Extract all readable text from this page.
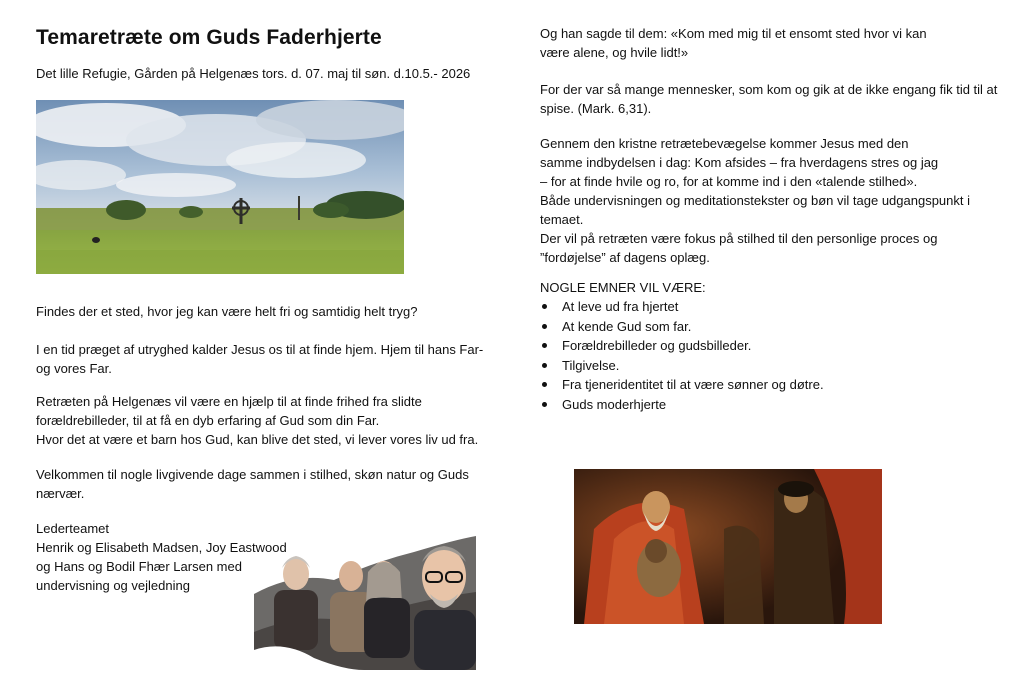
Temaretræte om Guds Faderhjerte
Det lille Refugie, Gården på Helgenæs tors. d. 07. maj til søn. d.10.5.- 2026
Findes der et sted, hvor jeg kan være helt fri og samtidig helt tryg?
I en tid præget af utryghed kalder Jesus os til at finde hjem. Hjem til hans Far-
og vores Far.
Retræten på Helgenæs vil være en hjælp til at finde frihed fra slidte
forældrebilleder, til at få en dyb erfaring af Gud som din Far.
Hvor det at være et barn hos Gud, kan blive det sted, vi lever vores liv ud fra.
Velkommen til nogle livgivende dage sammen i stilhed, skøn natur og Guds
nærvær.
Lederteamet
Henrik og Elisabeth Madsen, Joy Eastwood
og Hans og Bodil Fhær Larsen med
undervisning og vejledning
Og han sagde til dem: «Kom med mig til et ensomt sted hvor vi kan
være alene, og hvile lidt!»
For der var så mange mennesker, som kom og gik at de ikke engang fik tid til at
spise. (Mark. 6,31).
Gennem den kristne retrætebevægelse kommer Jesus med den
samme indbydelsen i dag: Kom afsides – fra hverdagens stres og jag
– for at finde hvile og ro, for at komme ind i den «talende stilhed».
Både undervisningen og meditationstekster og bøn vil tage udgangspunkt i
temaet.
Der vil på retræten være fokus på stilhed til den personlige proces og
”fordøjelse” af dagens oplæg.
NOGLE EMNER VIL VÆRE:
At leve ud fra hjertet
At kende Gud som far.
Forældrebilleder og gudsbilleder.
Tilgivelse.
Fra tjeneridentitet til at være sønner og døtre.
Guds moderhjerte
